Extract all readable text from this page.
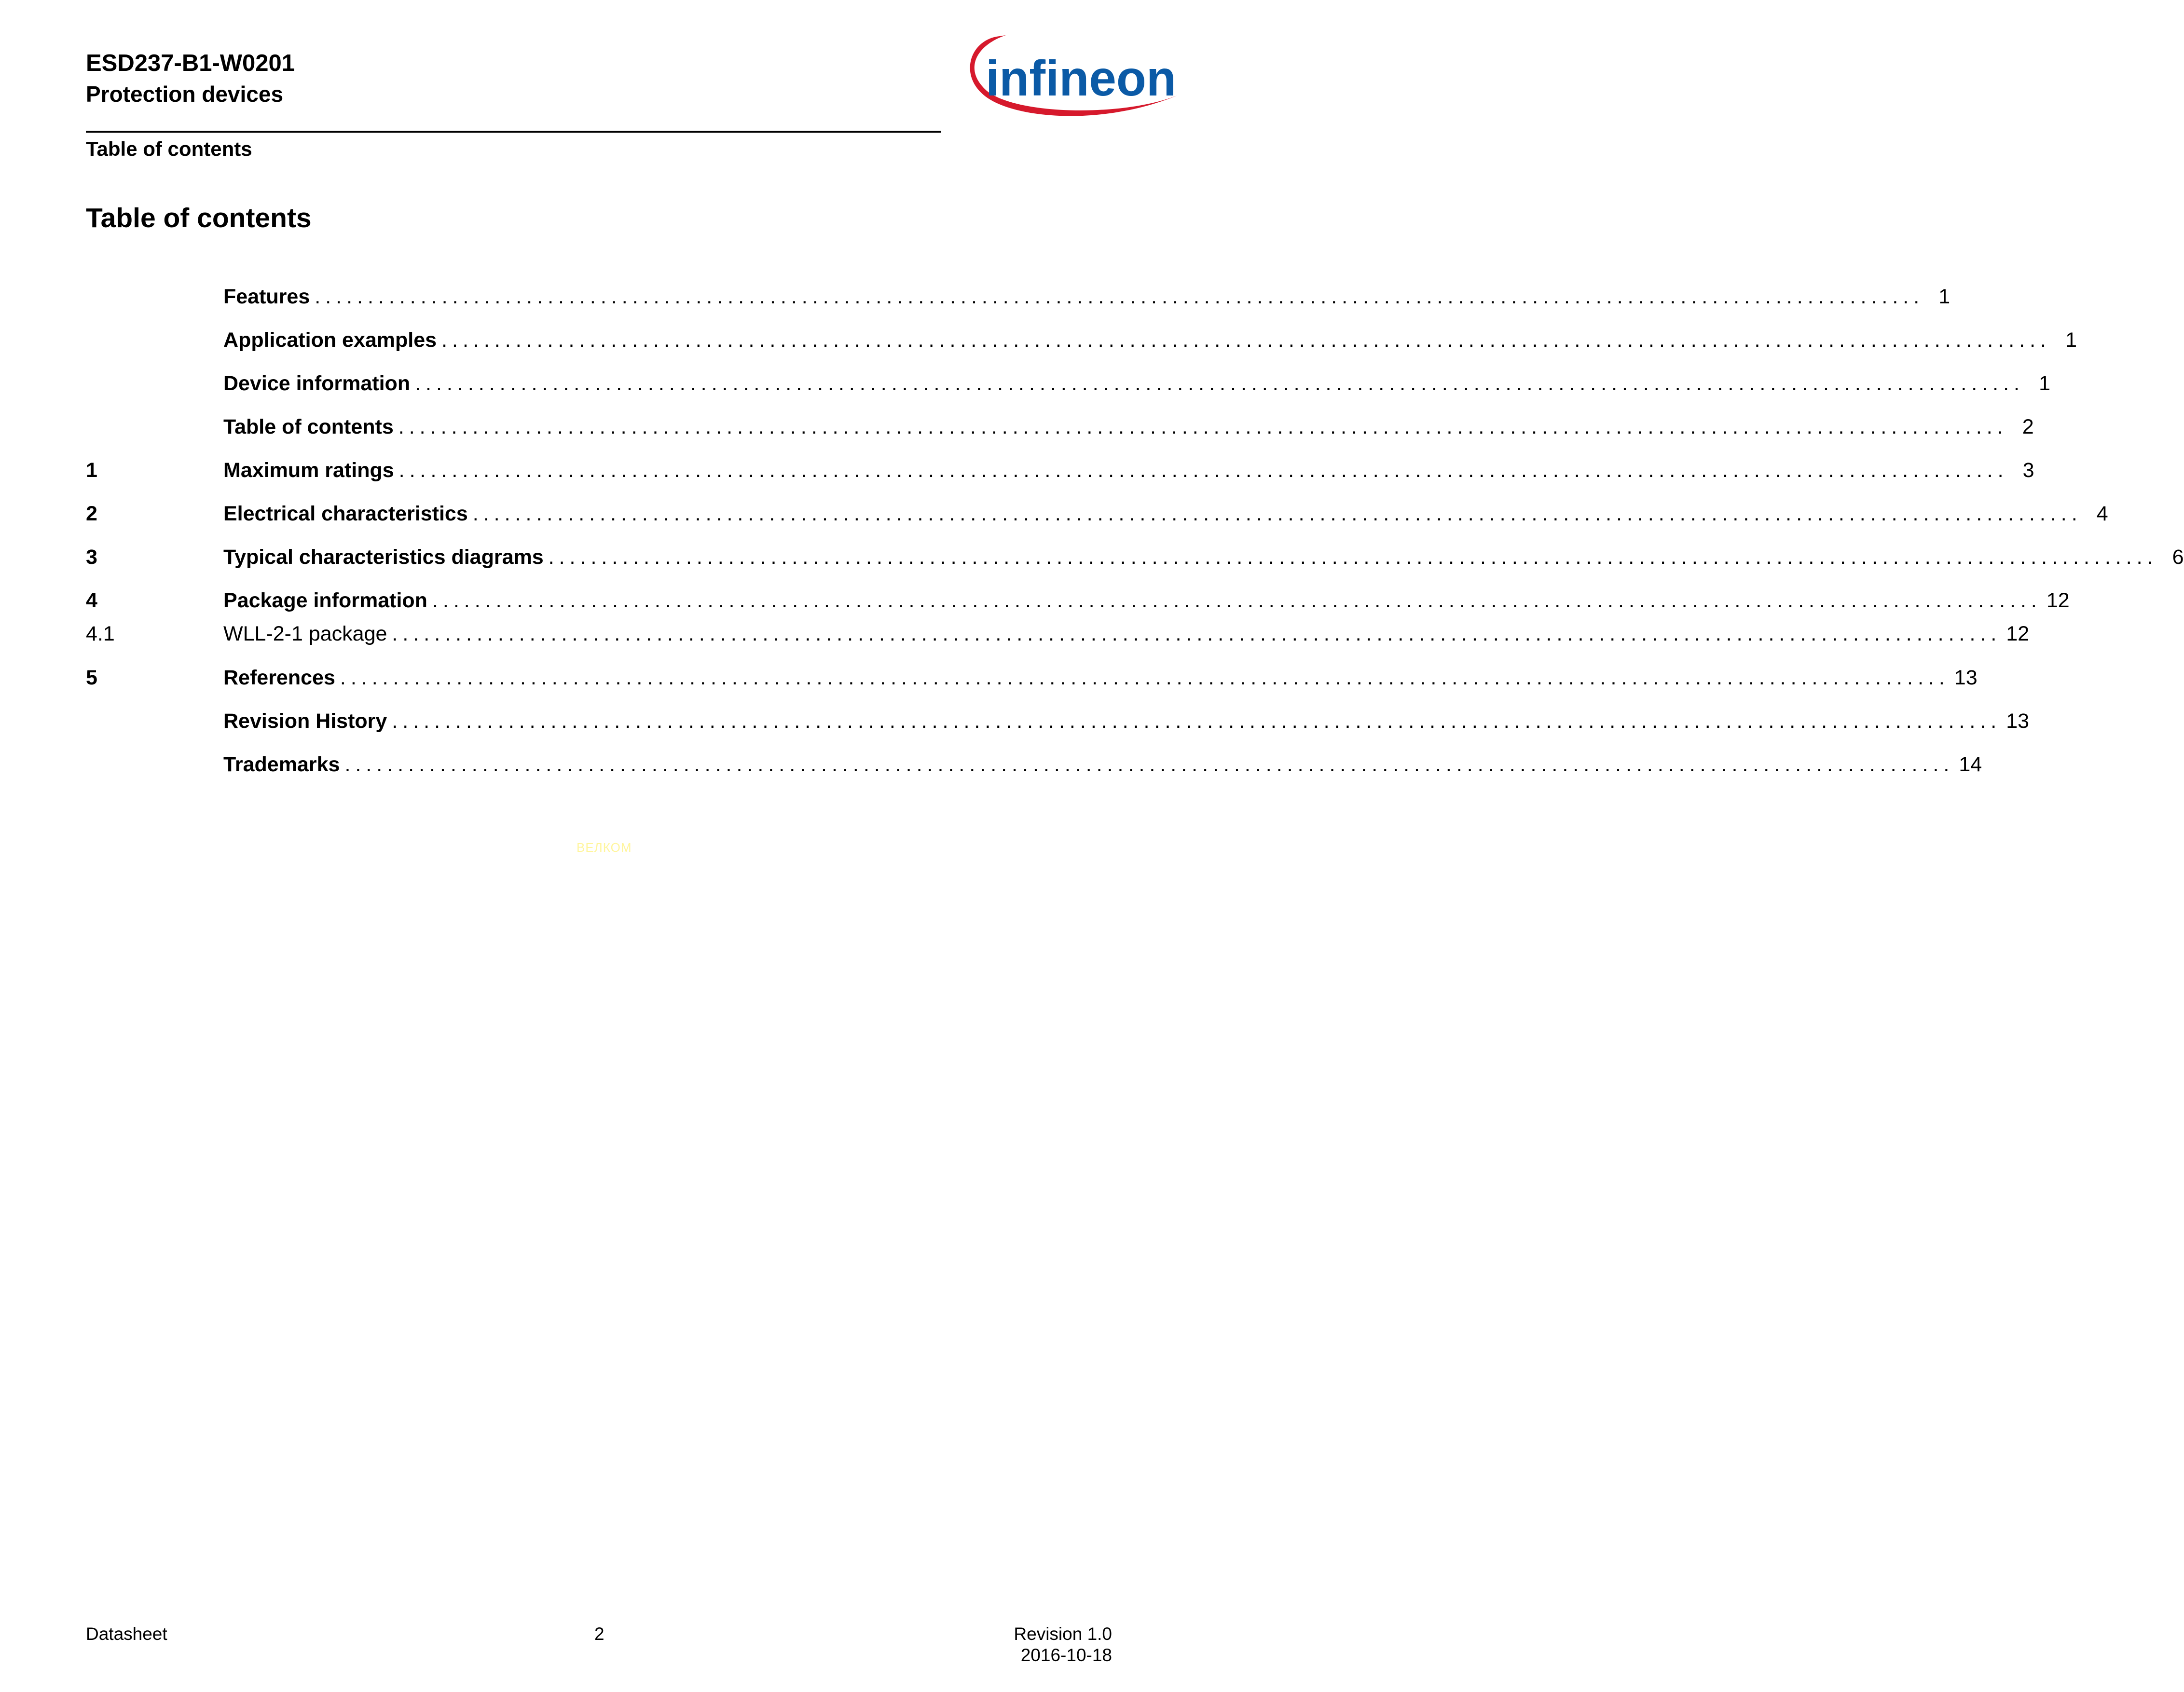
ESD237-B1-W0201
Protection devices
Table of contents
infineon
Table of contents
Features ........................................................................................................................................................ 1
Application examples ........................................................................................................................................................ 1
Device information ........................................................................................................................................................ 1
Table of contents ........................................................................................................................................................ 2
1	Maximum ratings ........................................................................................................................................................ 3
2	Electrical characteristics ........................................................................................................................................................ 4
3	Typical characteristics diagrams ........................................................................................................................................................ 6
4	Package information ........................................................................................................................................................ 12
4.1	WLL-2-1 package ........................................................................................................................................................ 12
5	References ........................................................................................................................................................ 13
Revision History ........................................................................................................................................................ 13
Trademarks ........................................................................................................................................................ 14
ВЕЛКОМ
Datasheet	2	Revision 1.0
2016-10-18
